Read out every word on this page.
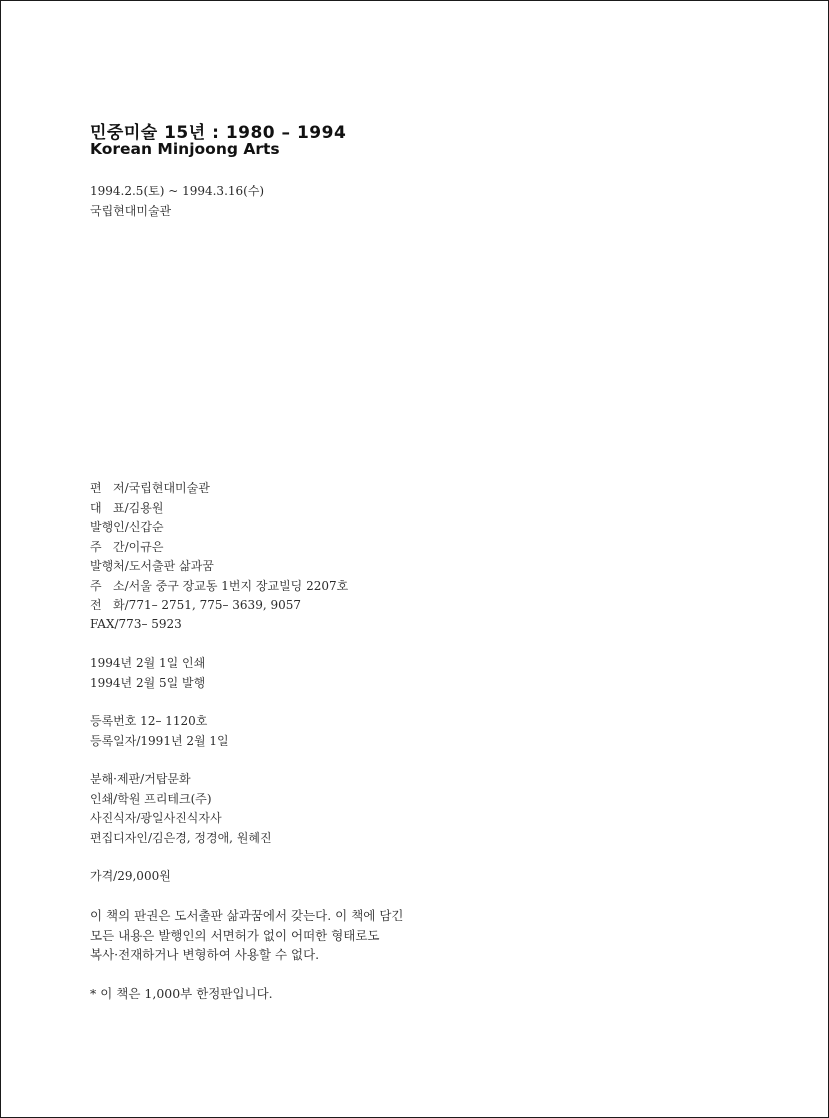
민중미술 15년 : 1980 – 1994
Korean Minjoong Arts
1994.2.5(토) ~ 1994.3.16(수)
국립현대미술관
편   저 /국립현대미술관
대   표 /김용원
발행인 /신갑순
주   간 /이규은
발행처 /도서출판 삶과꿈
주   소 /서울 중구 장교동 1번지 장교빌딩 2207호
전   화 /771– 2751, 775– 3639, 9057
FAX /773– 5923
1994년 2월 1일 인쇄
1994년 2월 5일 발행
등록번호 12– 1120호
등록일자/1991년 2월 1일
분해·제판/거탑문화
인쇄/학원 프리테크(주)
사진식자/광일사진식자사
편집디자인/김은경, 정경애, 원혜진
가격/29,000원
이 책의 판권은 도서출판 삶과꿈에서 갖는다. 이 책에 담긴
모든 내용은 발행인의 서면허가 없이 어떠한 형태로도
복사·전재하거나 변형하여 사용할 수 없다.
* 이 책은 1,000부 한정판입니다.
